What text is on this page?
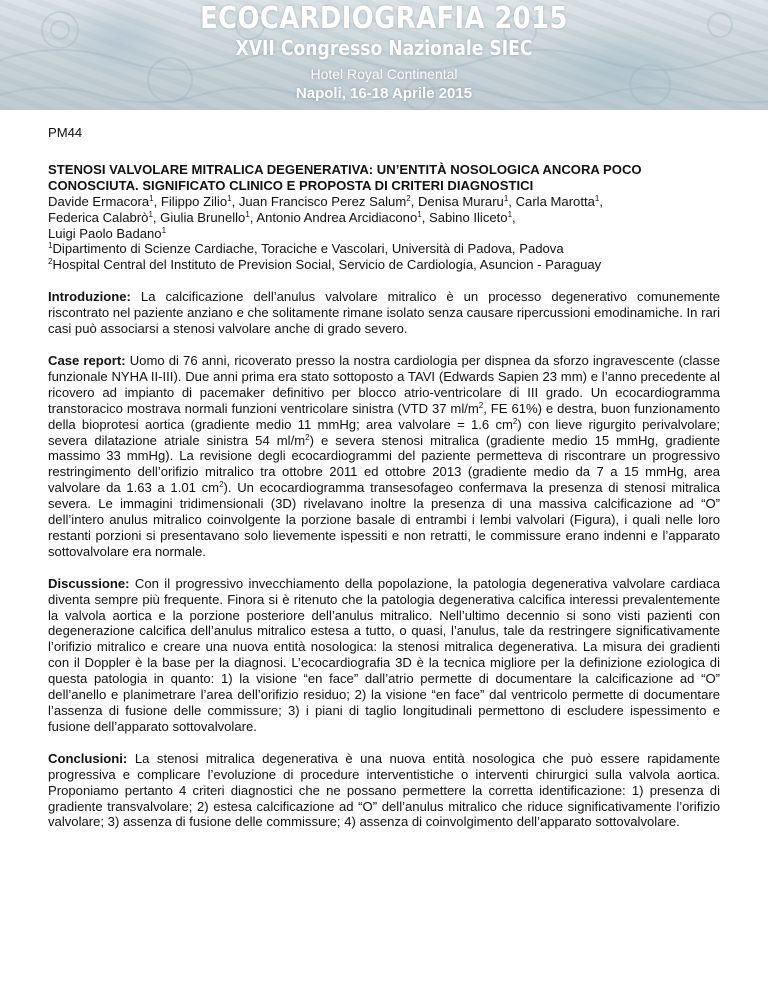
ECOCARDIOGRAFIA 2015
XVII Congresso Nazionale SIEC
Hotel Royal Continental
Napoli, 16-18 Aprile 2015
PM44
STENOSI VALVOLARE MITRALICA DEGENERATIVA: UN’ENTITÀ NOSOLOGICA ANCORA POCO
CONOSCIUTA. SIGNIFICATO CLINICO E PROPOSTA DI CRITERI DIAGNOSTICI
Davide Ermacora$^1$, Filippo Zilio$^1$, Juan Francisco Perez Salum$^2$, Denisa Muraru$^1$, Carla Marotta$^1$,
Federica Calabrò$^1$, Giulia Brunello$^1$, Antonio Andrea Arcidiacono$^1$, Sabino Iliceto$^1$,
Luigi Paolo Badano$^1$
$^1$Dipartimento di Scienze Cardiache, Toraciche e Vascolari, Università di Padova, Padova
$^2$Hospital Central del Instituto de Prevision Social, Servicio de Cardiologia, Asuncion - Paraguay
Introduzione: La calcificazione dell’anulus valvolare mitralico è un processo degenerativo comunemente riscontrato nel paziente anziano e che solitamente rimane isolato senza causare ripercussioni emodinamiche. In rari casi può associarsi a stenosi valvolare anche di grado severo.
Case report: Uomo di 76 anni, ricoverato presso la nostra cardiologia per dispnea da sforzo ingravescente (classe funzionale NYHA II-III). Due anni prima era stato sottoposto a TAVI (Edwards Sapien 23 mm) e l’anno precedente al ricovero ad impianto di pacemaker definitivo per blocco atrio-ventricolare di III grado. Un ecocardiogramma transtoracico mostrava normali funzioni ventricolare sinistra (VTD 37 $ml/m^2$, FE 61%) e destra, buon funzionamento della bioprotesi aortica (gradiente medio 11 mmHg; area valvolare = 1.6 $cm^2$) con lieve rigurgito perivalvolare; severa dilatazione atriale sinistra 54 $ml/m^2$) e severa stenosi mitralica (gradiente medio 15 mmHg, gradiente massimo 33 mmHg). La revisione degli ecocardiogrammi del paziente permetteva di riscontrare un progressivo restringimento dell’orifizio mitralico tra ottobre 2011 ed ottobre 2013 (gradiente medio da 7 a 15 mmHg, area valvolare da 1.63 a 1.01 $cm^2$). Un ecocardiogramma transesofageo confermava la presenza di stenosi mitralica severa. Le immagini tridimensionali (3D) rivelavano inoltre la presenza di una massiva calcificazione ad “O” dell’intero anulus mitralico coinvolgente la porzione basale di entrambi i lembi valvolari (Figura), i quali nelle loro restanti porzioni si presentavano solo lievemente ispessiti e non retratti, le commissure erano indenni e l’apparato sottovalvolare era normale.
Discussione: Con il progressivo invecchiamento della popolazione, la patologia degenerativa valvolare cardiaca diventa sempre più frequente. Finora si è ritenuto che la patologia degenerativa calcifica interessi prevalentemente la valvola aortica e la porzione posteriore dell’anulus mitralico. Nell’ultimo decennio si sono visti pazienti con degenerazione calcifica dell’anulus mitralico estesa a tutto, o quasi, l’anulus, tale da restringere significativamente l’orifizio mitralico e creare una nuova entità nosologica: la stenosi mitralica degenerativa. La misura dei gradienti con il Doppler è la base per la diagnosi. L’ecocardiografia 3D è la tecnica migliore per la definizione eziologica di questa patologia in quanto: 1) la visione “en face” dall’atrio permette di documentare la calcificazione ad “O” dell’anello e planimetrare l’area dell’orifizio residuo; 2) la visione “en face” dal ventricolo permette di documentare l’assenza di fusione delle commissure; 3) i piani di taglio longitudinali permettono di escludere ispessimento e fusione dell’apparato sottovalvolare.
Conclusioni: La stenosi mitralica degenerativa è una nuova entità nosologica che può essere rapidamente progressiva e complicare l’evoluzione di procedure interventistiche o interventi chirurgici sulla valvola aortica. Proponiamo pertanto 4 criteri diagnostici che ne possano permettere la corretta identificazione: 1) presenza di gradiente transvalvolare; 2) estesa calcificazione ad “O” dell’anulus mitralico che riduce significativamente l’orifizio valvolare; 3) assenza di fusione delle commissure; 4) assenza di coinvolgimento dell’apparato sottovalvolare.
